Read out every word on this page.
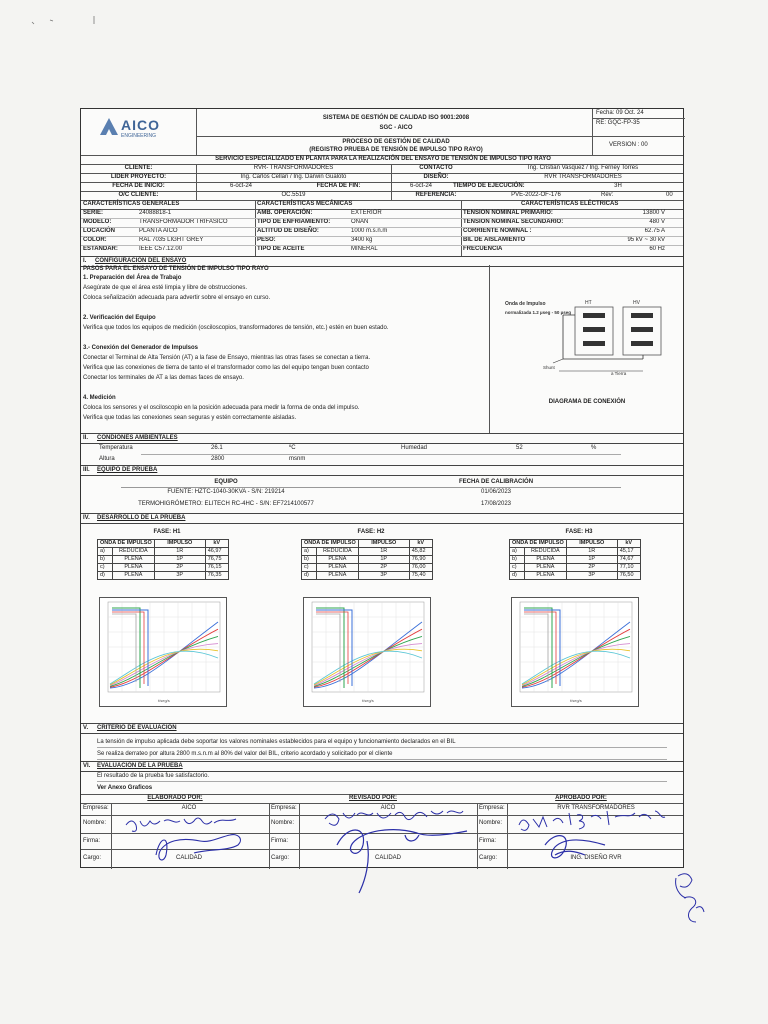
AICO
ENGINEERING
SISTEMA DE GESTIÓN DE CALIDAD ISO 9001:2008
SGC - AICO
PROCESO DE GESTIÓN DE CALIDAD
(REGISTRO PRUEBA DE TENSIÓN DE IMPULSO TIPO RAYO)
Fecha: 09 Oct. 24
RE: GQC-FP-35
VERSION : 00
SERVICIO ESPECIALIZADO EN PLANTA PARA LA REALIZACIÓN DEL ENSAYO DE TENSIÓN DE IMPULSO TIPO RAYO
CLIENTE:	RVR- TRANSFORMADORES	CONTACTO	Ing. Cristian Vasquez / Ing. Ferney Torres
LIDER PROYECTO:	Ing. Carlos Cellari / Ing. Darwin Gualoto	DISEÑO:	RVR TRANSFORMADORES
FECHA DE INICIO:	6-oct-24	FECHA DE FIN:	6-oct-24	TIEMPO DE EJECUCIÓN:	3H
O/C CLIENTE:	OC.5519	REFERENCIA:	PVE-2022-OF-176	Rev:	00
CARACTERÍSTICAS GENERALES	CARACTERÍSTICAS MECÁNICAS	CARACTERÍSTICAS ELÉCTRICAS
I. CONFIGURACIÓN DEL ENSAYO
PASOS PARA EL ENSAYO DE TENSIÓN DE IMPULSO TIPO RAYO
1. Preparación del Área de Trabajo
Asegúrate de que el área esté limpia y libre de obstrucciones.
Coloca señalización adecuada para advertir sobre el ensayo en curso.
2. Verificación del Equipo
Verifica que todos los equipos de medición (osciloscopios, transformadores de tensión, etc.) estén en buen estado.
3.- Conexión del Generador de Impulsos
Conectar el Terminal de Alta Tensión (AT) a la fase de Ensayo, mientras las otras fases se conectan a tierra.
Verifica que las conexiones de tierra de tanto el el transformador como las del equipo tengan buen contacto
Conectar los terminales de AT a las demas faces de ensayo.
4. Medición
Coloca los sensores y el osciloscopio en la posición adecuada para medir la forma de onda del impulso.
Verifica que todas las conexiones sean seguras y estén correctamente aisladas.
Onda de Impulso
normalizada 1.2 µseg - 50 µseg
HT	HV
Shunt
a Tierra
DIAGRAMA DE CONEXIÓN
II. CONDIONES AMBIENTALES
Temperatura	26.1	ºC	Humedad	52	%
Altura	2800	msnm
III. EQUIPO DE PRUEBA
EQUIPO	FECHA DE CALIBRACIÓN
FUENTE: HZTC-1040-30KVA - S/N: 219214	01/06/2023
TERMOHIGRÓMETRO: ELITECH RC-4HC - S/N: EF7214100577	17/08/2023
IV. DESARROLLO DE LA PRUEBA
V. CRITERIO DE EVALUACIÓN
La tensión de impulso aplicada debe soportar los valores nominales establecidos para el equipo y funcionamiento declarados en el BIL
Se realiza derrateo por altura 2800 m.s.n.m al 80% del valor del BIL, criterio acordado y solicitado por el cliente
VI. EVALUACIÓN DE LA PRUEBA
El resultado de la prueba fue satisfactorio.
Ver Anexo Graficos
ELABORADO POR:	REVISADO POR:	APROBADO POR:
SERIE:	24088818-1
MODELO:	TRANSFORMADOR TRIFASICO
LOCACIÓN	PLANTA AICO
COLOR:	RAL 7035 LIGHT GREY
ESTANDAR:	IEEE C57.12.00
AMB. OPERACIÓN:	EXTERIOR
TIPO DE ENFRIAMIENTO:	ONAN
ALTITUD DE DISEÑO:	1000 m.s.n.m
PESO:	3400 kg
TIPO DE ACEITE	MINERAL
TENSION NOMINAL PRIMARIO:	13800 V
TENSION NOMINAL SECUNDARIO:	480 V
CORRIENTE NOMINAL :	62.75 A
BIL DE AISLAMIENTO	95 kV ~ 30 kV
FRECUENCIA	60 Hz
FASE: H1
ONDA DE IMPULSO		IMPULSO	kV
a)	REDUCIDA	1R	46,97
b)	PLENA	1P	76,75
c)	PLENA	2P	76,15
d)	PLENA	3P	76,35
t/seg/s
FASE: H2
ONDA DE IMPULSO		IMPULSO	kV
a)	REDUCIDA	1R	45,82
b)	PLENA	1P	76,90
c)	PLENA	2P	76,00
d)	PLENA	3P	75,40
t/seg/s
FASE: H3
ONDA DE IMPULSO		IMPULSO	kV
a)	REDUCIDA	1R	45,17
b)	PLENA	1P	74,67
c)	PLENA	2P	77,10
d)	PLENA	3P	76,50
t/seg/s
Empresa:	AICO
Nombre:
Firma:
Cargo:	CALIDAD
Empresa:	AICO
Nombre:
Firma:
Cargo:	CALIDAD
Empresa:	RVR TRANSFORMADORES
Nombre:
Firma:
Cargo:	ING. DISEÑO RVR
